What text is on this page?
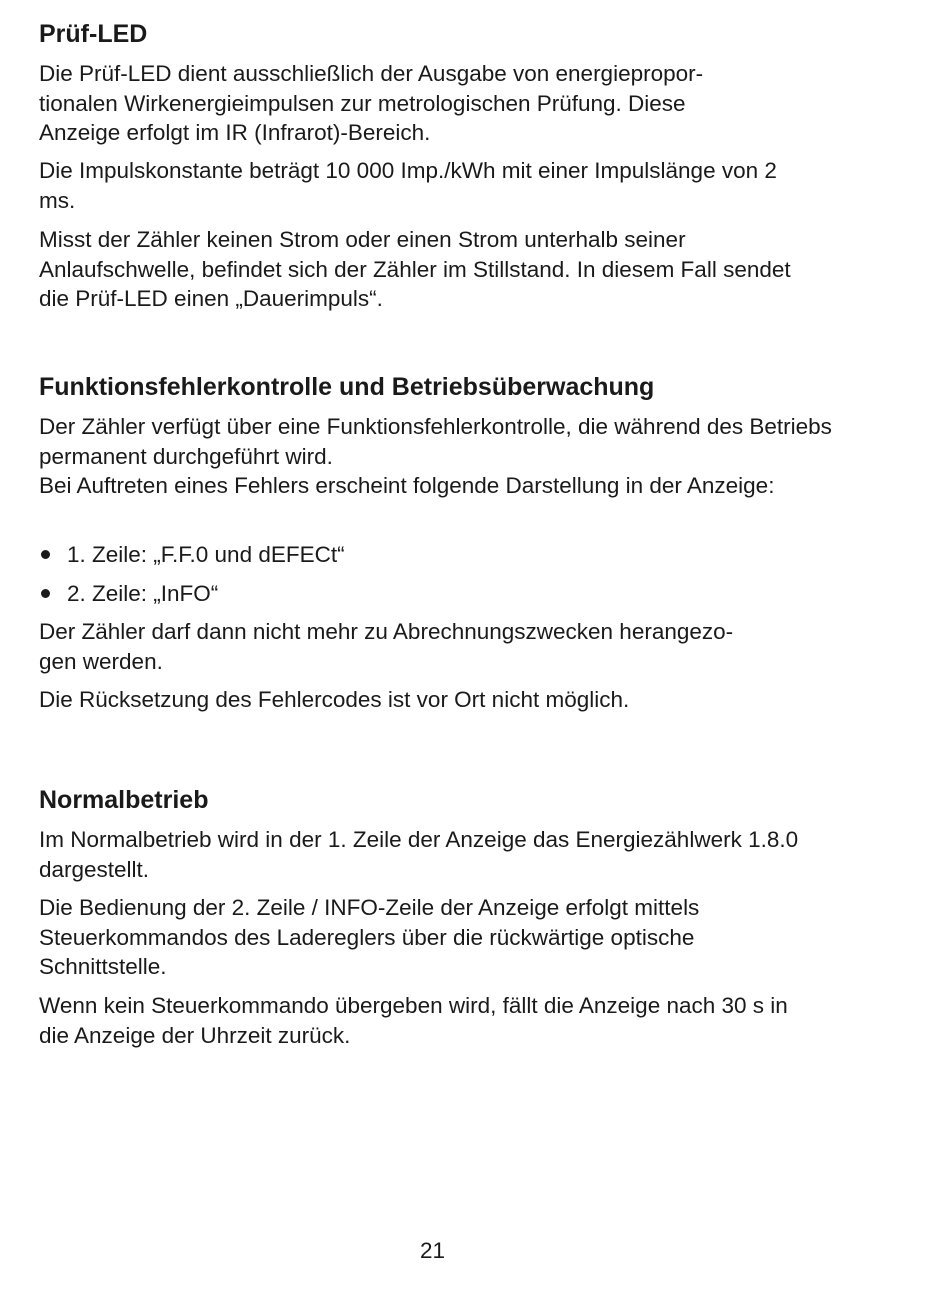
Prüf-LED

Die Prüf-LED dient ausschließlich der Ausgabe von energiepropor-
tionalen Wirkenergieimpulsen zur metrologischen Prüfung. Diese
Anzeige erfolgt im IR (Infrarot)-Bereich.

Die Impulskonstante beträgt 10 000 Imp./kWh mit einer Impulslänge von 2 ms.

Misst der Zähler keinen Strom oder einen Strom unterhalb seiner Anlaufschwelle, befindet sich der Zähler im Stillstand. In diesem Fall sendet die Prüf-LED einen „Dauerimpuls“.

Funktionsfehlerkontrolle und Betriebsüberwachung

Der Zähler verfügt über eine Funktionsfehlerkontrolle, die während des Betriebs permanent durchgeführt wird.

Bei Auftreten eines Fehlers erscheint folgende Darstellung in der Anzeige:

1. Zeile: „F.F.0 und dEFECt“
2. Zeile: „InFO“

Der Zähler darf dann nicht mehr zu Abrechnungszwecken herangezo-
gen werden.

Die Rücksetzung des Fehlercodes ist vor Ort nicht möglich.

Normalbetrieb

Im Normalbetrieb wird in der 1. Zeile der Anzeige das Energiezählwerk 1.8.0 dargestellt.

Die Bedienung der 2. Zeile / INFO-Zeile der Anzeige erfolgt mittels Steuerkommandos des Ladereglers über die rückwärtige optische Schnittstelle.

Wenn kein Steuerkommando übergeben wird, fällt die Anzeige nach 30 s in die Anzeige der Uhrzeit zurück.

21
